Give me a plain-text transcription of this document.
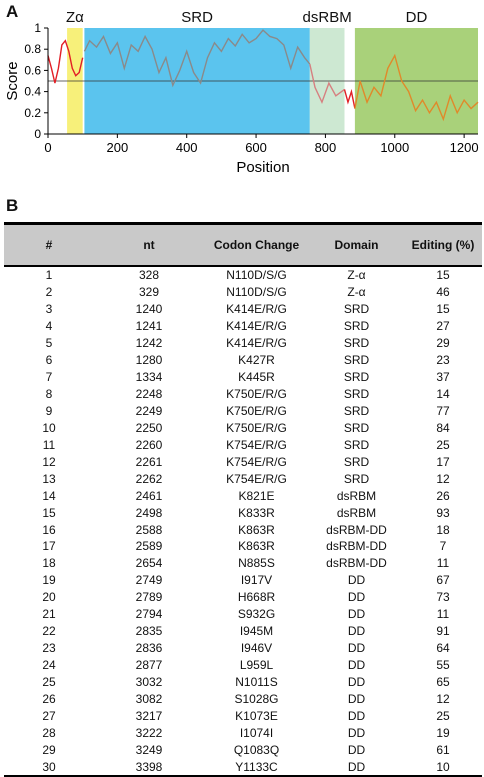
A	Zα	SRD	dsRBM	DD
0
0.2
0.4
0.6
0.8
1
0	200	400	600	800	1000	1200
Position
Score
B
#	nt	Codon Change	Domain	Editing (%)
1	328	N110D/S/G	Z-α	15
2	329	N110D/S/G	Z-α	46
3	1240	K414E/R/G	SRD	15
4	1241	K414E/R/G	SRD	27
5	1242	K414E/R/G	SRD	29
6	1280	K427R	SRD	23
7	1334	K445R	SRD	37
8	2248	K750E/R/G	SRD	14
9	2249	K750E/R/G	SRD	77
10	2250	K750E/R/G	SRD	84
11	2260	K754E/R/G	SRD	25
12	2261	K754E/R/G	SRD	17
13	2262	K754E/R/G	SRD	12
14	2461	K821E	dsRBM	26
15	2498	K833R	dsRBM	93
16	2588	K863R	dsRBM-DD	18
17	2589	K863R	dsRBM-DD	7
18	2654	N885S	dsRBM-DD	11
19	2749	I917V	DD	67
20	2789	H668R	DD	73
21	2794	S932G	DD	11
22	2835	I945M	DD	91
23	2836	I946V	DD	64
24	2877	L959L	DD	55
25	3032	N1011S	DD	65
26	3082	S1028G	DD	12
27	3217	K1073E	DD	25
28	3222	I1074I	DD	19
29	3249	Q1083Q	DD	61
30	3398	Y1133C	DD	10
